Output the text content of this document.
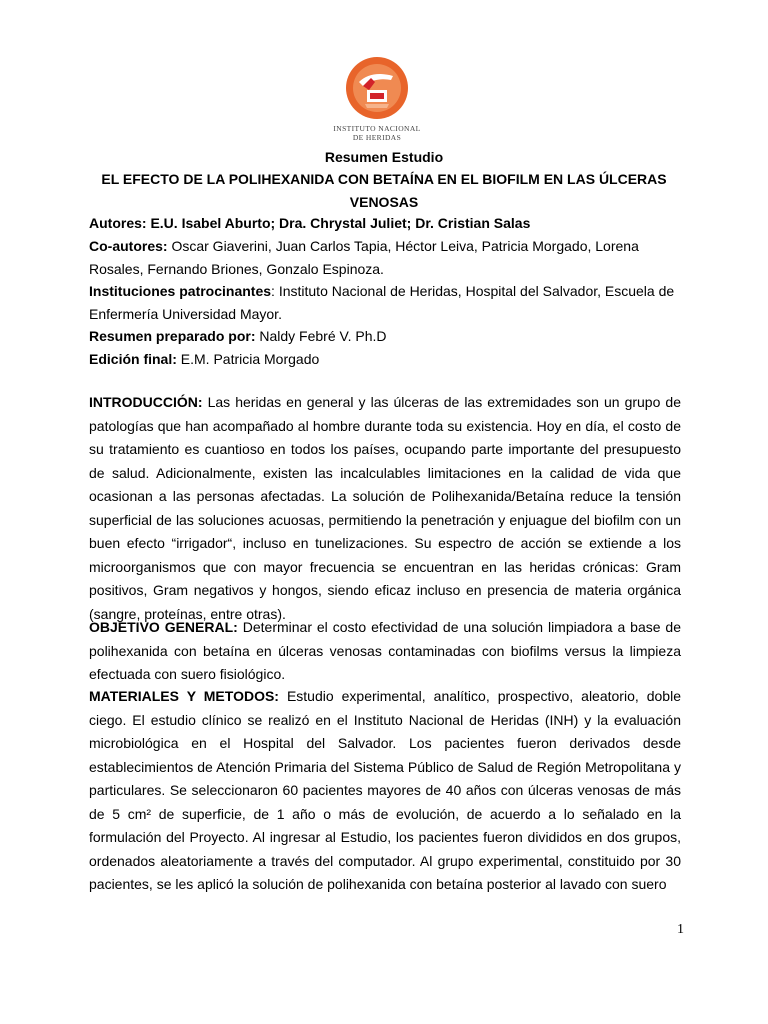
INSTITUTO NACIONAL
DE HERIDAS
Resumen Estudio
EL EFECTO DE LA POLIHEXANIDA CON BETAÍNA EN EL BIOFILM EN LAS ÚLCERAS VENOSAS
Autores: E.U. Isabel Aburto; Dra. Chrystal Juliet; Dr. Cristian Salas
Co-autores: Oscar Giaverini, Juan Carlos Tapia, Héctor Leiva, Patricia Morgado, Lorena Rosales, Fernando Briones, Gonzalo Espinoza.
Instituciones patrocinantes: Instituto Nacional de Heridas, Hospital del Salvador, Escuela de Enfermería Universidad Mayor.
Resumen preparado por: Naldy Febré V. Ph.D
Edición final: E.M. Patricia Morgado
INTRODUCCIÓN: Las heridas en general y las úlceras de las extremidades son un grupo de patologías que han acompañado al hombre durante toda su existencia. Hoy en día, el costo de su tratamiento es cuantioso en todos los países, ocupando parte importante del presupuesto de salud. Adicionalmente, existen las incalculables limitaciones en la calidad de vida que ocasionan a las personas afectadas. La solución de Polihexanida/Betaína reduce la tensión superficial de las soluciones acuosas, permitiendo la penetración y enjuague del biofilm con un buen efecto “irrigador“, incluso en tunelizaciones. Su espectro de acción se extiende a los microorganismos que con mayor frecuencia se encuentran en las heridas crónicas: Gram positivos, Gram negativos y hongos, siendo eficaz incluso en presencia de materia orgánica (sangre, proteínas, entre otras).
OBJETIVO GENERAL: Determinar el costo efectividad de una solución limpiadora a base de polihexanida con betaína en úlceras venosas contaminadas con biofilms versus la limpieza efectuada con suero fisiológico.
MATERIALES Y METODOS: Estudio experimental, analítico, prospectivo, aleatorio, doble ciego. El estudio clínico se realizó en el Instituto Nacional de Heridas (INH) y la evaluación microbiológica en el Hospital del Salvador. Los pacientes fueron derivados desde establecimientos de Atención Primaria del Sistema Público de Salud de Región Metropolitana y particulares. Se seleccionaron 60 pacientes mayores de 40 años con úlceras venosas de más de 5 cm² de superficie, de 1 año o más de evolución, de acuerdo a lo señalado en la formulación del Proyecto. Al ingresar al Estudio, los pacientes fueron divididos en dos grupos, ordenados aleatoriamente a través del computador. Al grupo experimental, constituido por 30 pacientes, se les aplicó la solución de polihexanida con betaína posterior al lavado con suero
1
